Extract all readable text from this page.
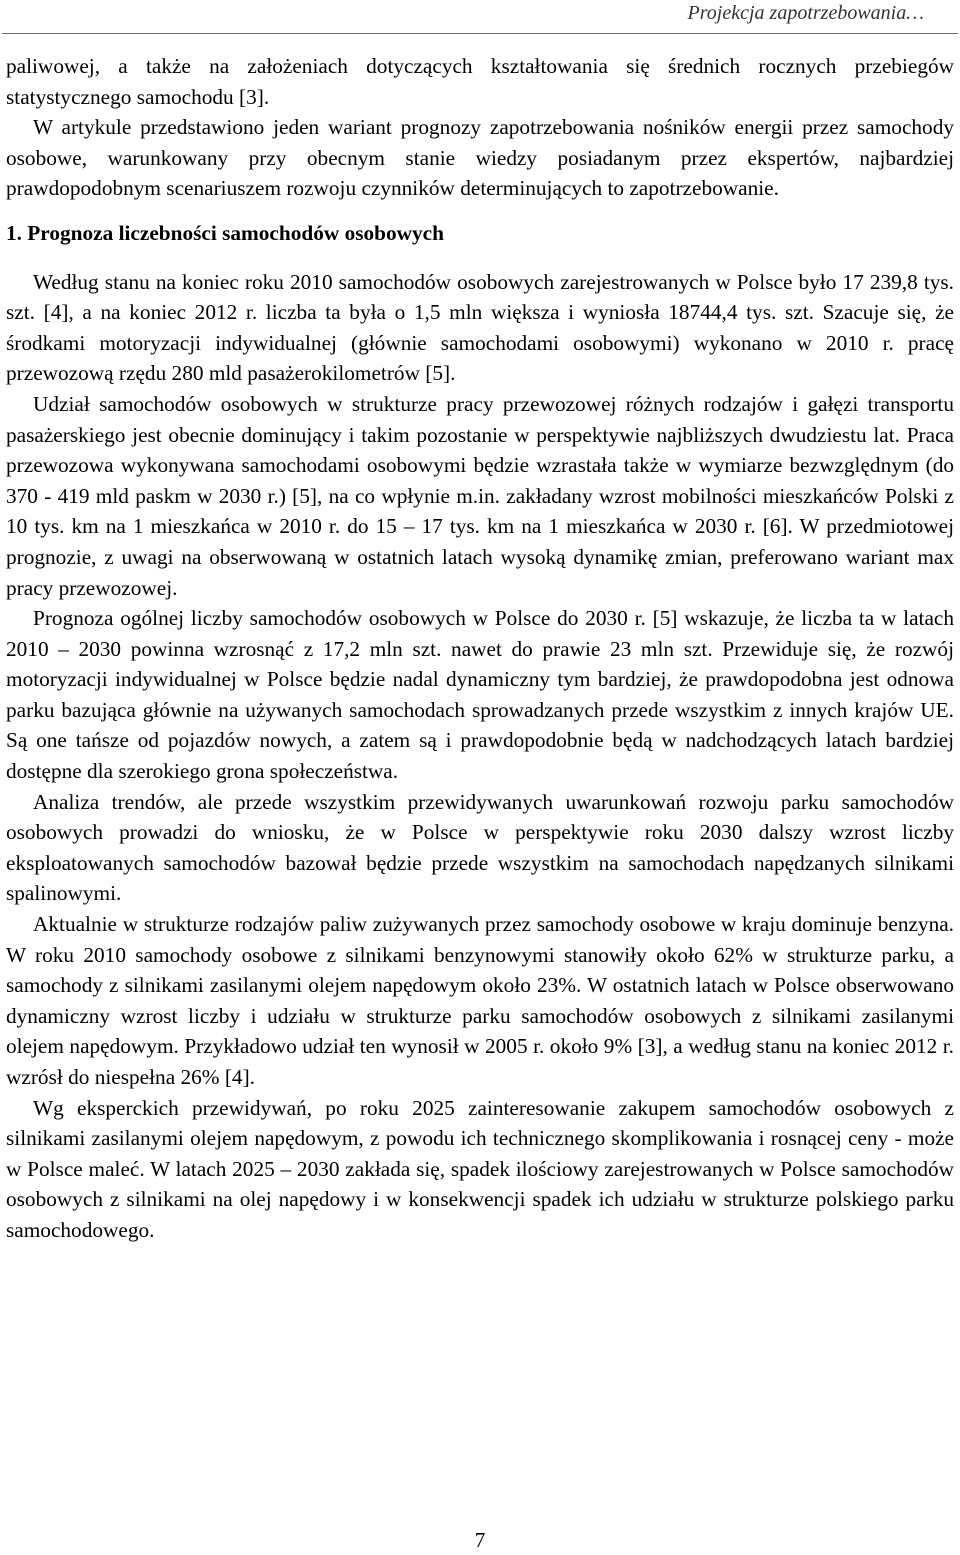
Projekcja zapotrzebowania…

paliwowej, a także na założeniach dotyczących kształtowania się średnich rocznych przebiegów statystycznego samochodu [3].

W artykule przedstawiono jeden wariant prognozy zapotrzebowania nośników energii przez samochody osobowe, warunkowany przy obecnym stanie wiedzy posiadanym przez ekspertów, najbardziej prawdopodobnym scenariuszem rozwoju czynników determinujących to zapotrzebowanie.

1. Prognoza liczebności samochodów osobowych

Według stanu na koniec roku 2010 samochodów osobowych zarejestrowanych w Polsce było 17 239,8 tys. szt. [4], a na koniec 2012 r. liczba ta była o 1,5 mln większa i wyniosła 18744,4 tys. szt. Szacuje się, że środkami motoryzacji indywidualnej (głównie samochodami osobowymi) wykonano w 2010 r. pracę przewozową rzędu 280 mld pasażerokilometrów [5].

Udział samochodów osobowych w strukturze pracy przewozowej różnych rodzajów i gałęzi transportu pasażerskiego jest obecnie dominujący i takim pozostanie w perspektywie najbliższych dwudziestu lat. Praca przewozowa wykonywana samochodami osobowymi będzie wzrastała także w wymiarze bezwzględnym (do 370 - 419 mld paskm w 2030 r.) [5], na co wpłynie m.in. zakładany wzrost mobilności mieszkańców Polski z 10 tys. km na 1 mieszkańca w 2010 r. do 15 – 17 tys. km na 1 mieszkańca w 2030 r. [6]. W przedmiotowej prognozie, z uwagi na obserwowaną w ostatnich latach wysoką dynamikę zmian, preferowano wariant max pracy przewozowej.

Prognoza ogólnej liczby samochodów osobowych w Polsce do 2030 r. [5] wskazuje, że liczba ta w latach 2010 – 2030 powinna wzrosnąć z 17,2 mln szt. nawet do prawie 23 mln szt. Przewiduje się, że rozwój motoryzacji indywidualnej w Polsce będzie nadal dynamiczny tym bardziej, że prawdopodobna jest odnowa parku bazująca głównie na używanych samochodach sprowadzanych przede wszystkim z innych krajów UE. Są one tańsze od pojazdów nowych, a zatem są i prawdopodobnie będą w nadchodzących latach bardziej dostępne dla szerokiego grona społeczeństwa.

Analiza trendów, ale przede wszystkim przewidywanych uwarunkowań rozwoju parku samochodów osobowych prowadzi do wniosku, że w Polsce w perspektywie roku 2030 dalszy wzrost liczby eksploatowanych samochodów bazował będzie przede wszystkim na samochodach napędzanych silnikami spalinowymi.

Aktualnie w strukturze rodzajów paliw zużywanych przez samochody osobowe w kraju dominuje benzyna. W roku 2010 samochody osobowe z silnikami benzynowymi stanowiły około 62% w strukturze parku, a samochody z silnikami zasilanymi olejem napędowym około 23%. W ostatnich latach w Polsce obserwowano dynamiczny wzrost liczby i udziału w strukturze parku samochodów osobowych z silnikami zasilanymi olejem napędowym. Przykładowo udział ten wynosił w 2005 r. około 9% [3], a według stanu na koniec 2012 r. wzrósł do niespełna 26% [4].

Wg eksperckich przewidywań, po roku 2025 zainteresowanie zakupem samochodów osobowych z silnikami zasilanymi olejem napędowym, z powodu ich technicznego skomplikowania i rosnącej ceny - może w Polsce maleć. W latach 2025 – 2030 zakłada się, spadek ilościowy zarejestrowanych w Polsce samochodów osobowych z silnikami na olej napędowy i w konsekwencji spadek ich udziału w strukturze polskiego parku samochodowego.

7
